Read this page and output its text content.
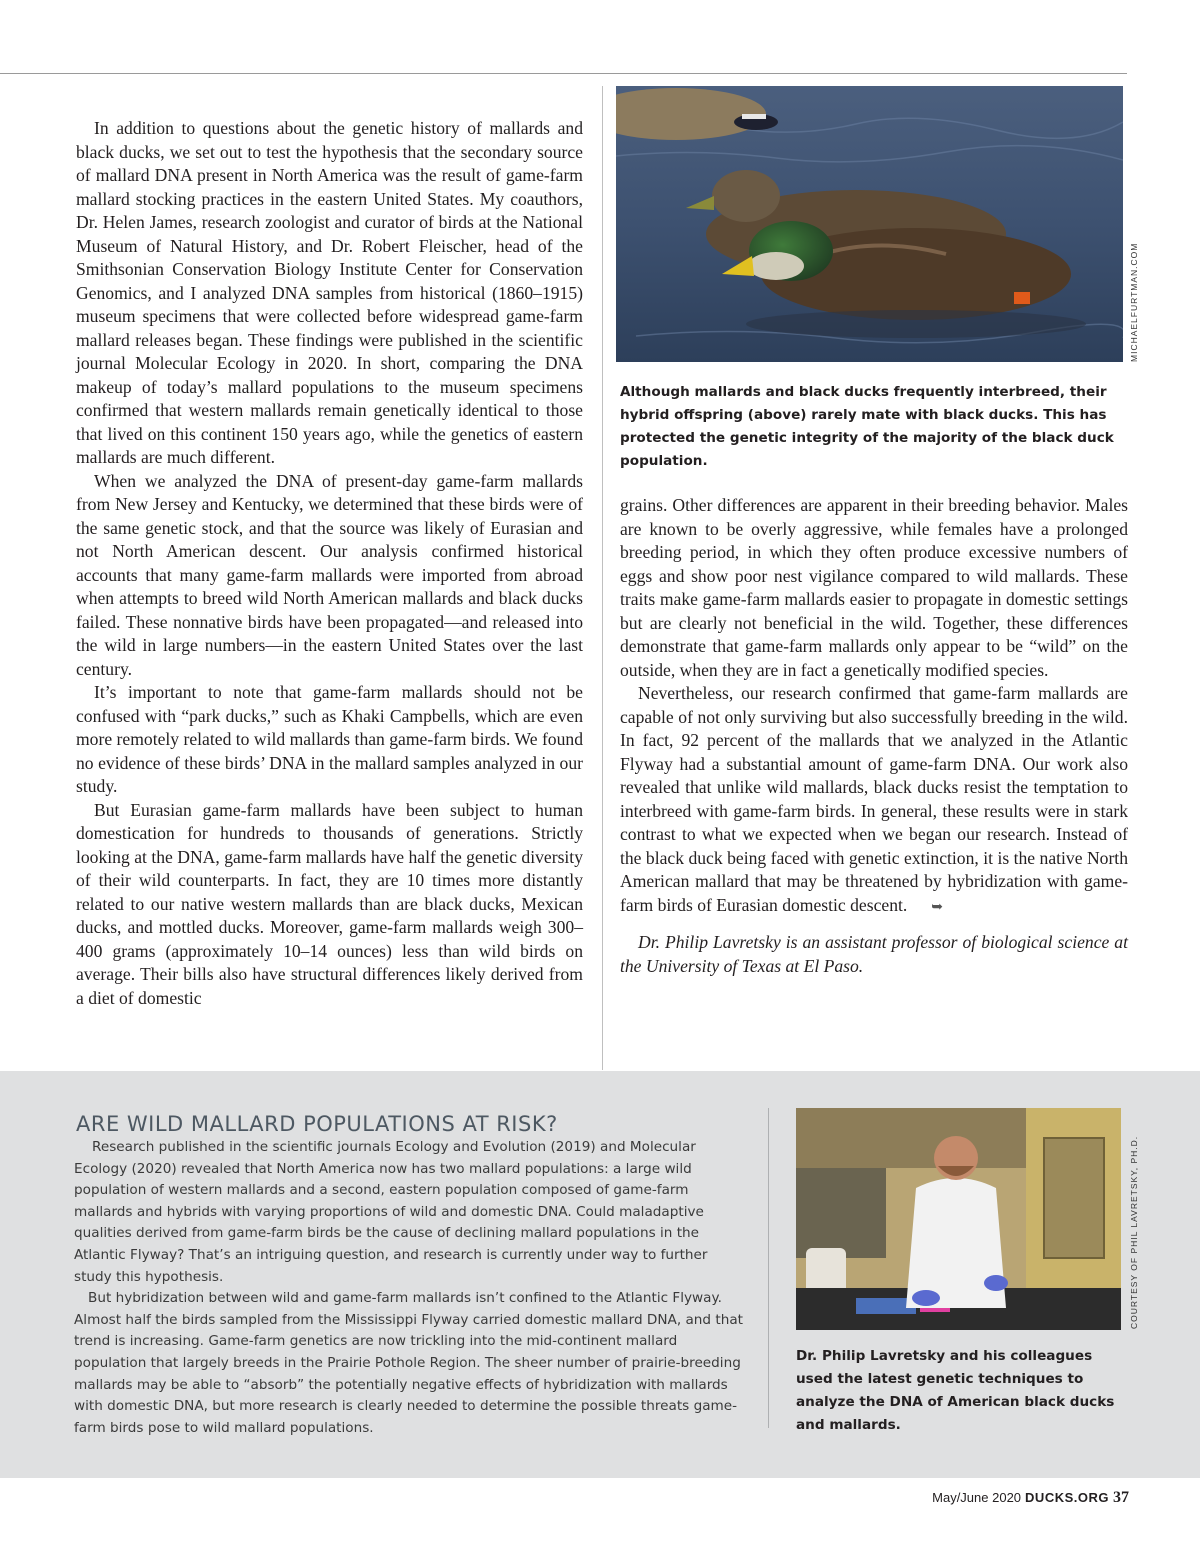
In addition to questions about the genetic history of mallards and black ducks, we set out to test the hypothesis that the secondary source of mallard DNA present in North America was the result of game-farm mallard stocking practices in the eastern United States. My coauthors, Dr. Helen James, research zoologist and curator of birds at the National Museum of Natural History, and Dr. Robert Fleischer, head of the Smithsonian Conservation Biology Institute Center for Conservation Genomics, and I analyzed DNA samples from historical (1860–1915) museum specimens that were collected before widespread game-farm mallard releases began. These findings were published in the scientific journal Molecular Ecology in 2020. In short, comparing the DNA makeup of today’s mallard populations to the museum specimens confirmed that western mallards remain genetically identical to those that lived on this continent 150 years ago, while the genetics of eastern mallards are much different.

When we analyzed the DNA of present-day game-farm mallards from New Jersey and Kentucky, we determined that these birds were of the same genetic stock, and that the source was likely of Eurasian and not North American descent. Our analysis confirmed historical accounts that many game-farm mallards were imported from abroad when attempts to breed wild North American mallards and black ducks failed. These nonnative birds have been propagated—and released into the wild in large numbers—in the eastern United States over the last century.

It’s important to note that game-farm mallards should not be confused with “park ducks,” such as Khaki Campbells, which are even more remotely related to wild mallards than game-farm birds. We found no evidence of these birds’ DNA in the mallard samples analyzed in our study.

But Eurasian game-farm mallards have been subject to human domestication for hundreds to thousands of generations. Strictly looking at the DNA, game-farm mallards have half the genetic diversity of their wild counterparts. In fact, they are 10 times more distantly related to our native western mallards than are black ducks, Mexican ducks, and mottled ducks. Moreover, game-farm mallards weigh 300–400 grams (approximately 10–14 ounces) less than wild birds on average. Their bills also have structural differences likely derived from a diet of domestic

MICHAELFURTMAN.COM
Although mallards and black ducks frequently interbreed, their hybrid offspring (above) rarely mate with black ducks. This has protected the genetic integrity of the majority of the black duck population.

grains. Other differences are apparent in their breeding behavior. Males are known to be overly aggressive, while females have a prolonged breeding period, in which they often produce excessive numbers of eggs and show poor nest vigilance compared to wild mallards. These traits make game-farm mallards easier to propagate in domestic settings but are clearly not beneficial in the wild. Together, these differences demonstrate that game-farm mallards only appear to be “wild” on the outside, when they are in fact a genetically modified species.

Nevertheless, our research confirmed that game-farm mallards are capable of not only surviving but also successfully breeding in the wild. In fact, 92 percent of the mallards that we analyzed in the Atlantic Flyway had a substantial amount of game-farm DNA. Our work also revealed that unlike wild mallards, black ducks resist the temptation to interbreed with game-farm birds. In general, these results were in stark contrast to what we expected when we began our research. Instead of the black duck being faced with genetic extinction, it is the native North American mallard that may be threatened by hybridization with game-farm birds of Eurasian domestic descent. ➥

Dr. Philip Lavretsky is an assistant professor of biological science at the University of Texas at El Paso.

ARE WILD MALLARD POPULATIONS AT RISK?

Research published in the scientific journals Ecology and Evolution (2019) and Molecular Ecology (2020) revealed that North America now has two mallard populations: a large wild population of western mallards and a second, eastern population composed of game-farm mallards and hybrids with varying proportions of wild and domestic DNA. Could maladaptive qualities derived from game-farm birds be the cause of declining mallard populations in the Atlantic Flyway? That’s an intriguing question, and research is currently under way to further study this hypothesis.

But hybridization between wild and game-farm mallards isn’t confined to the Atlantic Flyway. Almost half the birds sampled from the Mississippi Flyway carried domestic mallard DNA, and that trend is increasing. Game-farm genetics are now trickling into the mid-continent mallard population that largely breeds in the Prairie Pothole Region. The sheer number of prairie-breeding mallards may be able to “absorb” the potentially negative effects of hybridization with mallards with domestic DNA, but more research is clearly needed to determine the possible threats game-farm birds pose to wild mallard populations.

COURTESY OF PHIL LAVRETSKY, PH.D.
Dr. Philip Lavretsky and his colleagues used the latest genetic techniques to analyze the DNA of American black ducks and mallards.
May/June 2020 DUCKS.ORG 37
